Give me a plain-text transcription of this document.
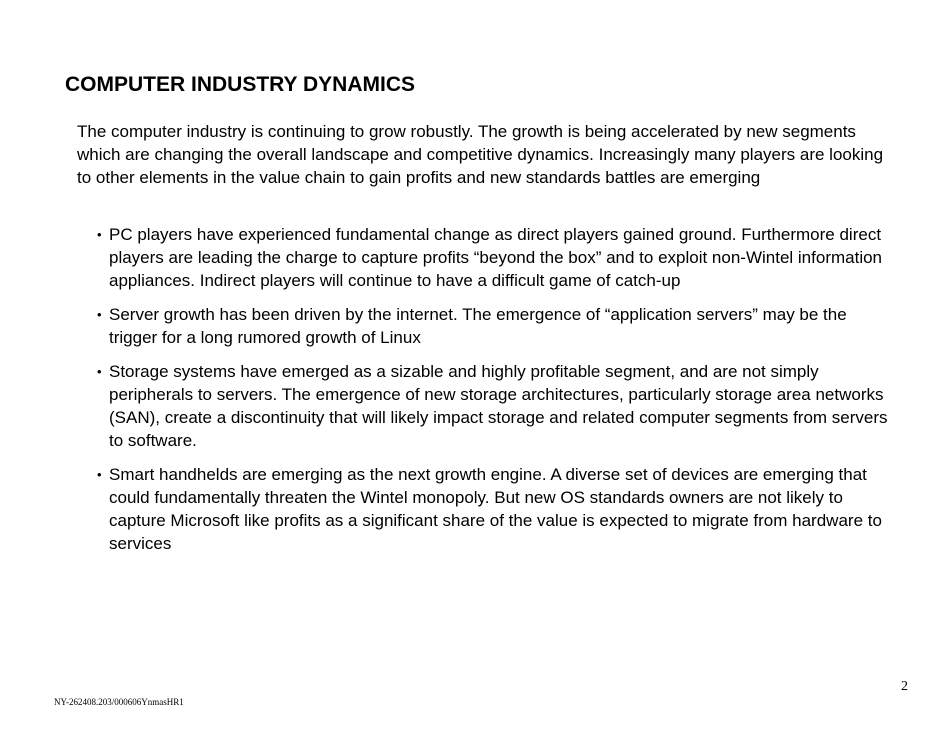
COMPUTER INDUSTRY DYNAMICS

The computer industry is continuing to grow robustly. The growth is being accelerated by new segments which are changing the overall landscape and competitive dynamics. Increasingly many players are looking to other elements in the value chain to gain profits and new standards battles are emerging

• PC players have experienced fundamental change as direct players gained ground. Furthermore direct players are leading the charge to capture profits “beyond the box” and to exploit non-Wintel information appliances. Indirect players will continue to have a difficult game of catch-up
• Server growth has been driven by the internet. The emergence of “application servers” may be the trigger for a long rumored growth of Linux
• Storage systems have emerged as a sizable and highly profitable segment, and are not simply peripherals to servers. The emergence of new storage architectures, particularly storage area networks (SAN), create a discontinuity that will likely impact storage and related computer segments from servers to software.
• Smart handhelds are emerging as the next growth engine. A diverse set of devices are emerging that could fundamentally threaten the Wintel monopoly. But new OS standards owners are not likely to capture Microsoft like profits as a significant share of the value is expected to migrate from hardware to services
NY-262408.203/000606YnmasHR1
2
